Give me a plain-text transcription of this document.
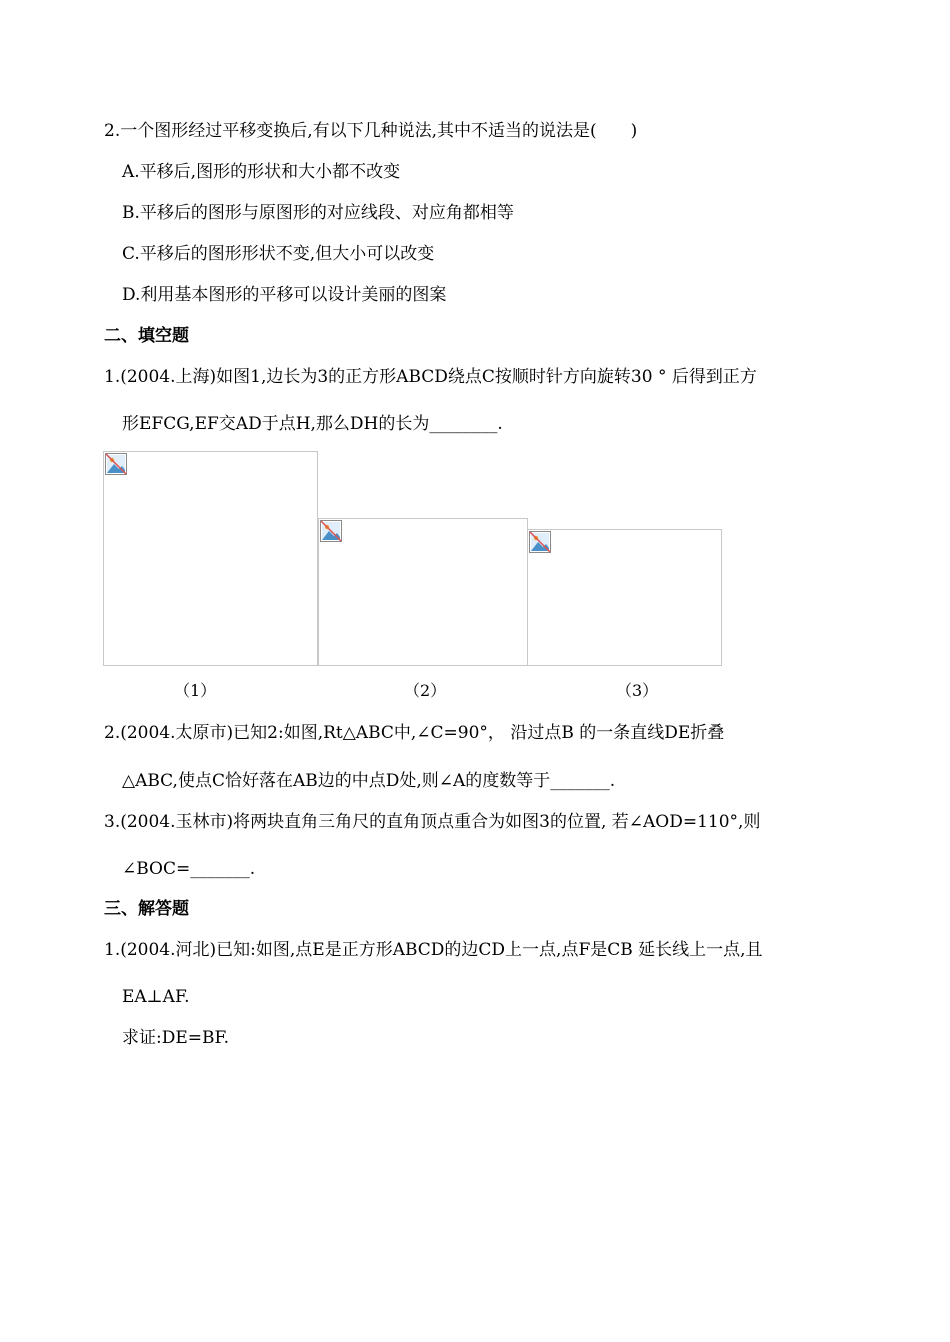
2.一个图形经过平移变换后,有以下几种说法,其中不适当的说法是(　　)
A.平移后,图形的形状和大小都不改变
B.平移后的图形与原图形的对应线段、对应角都相等
C.平移后的图形形状不变,但大小可以改变
D.利用基本图形的平移可以设计美丽的图案
二、填空题
1.(2004.上海)如图1,边长为3的正方形ABCD绕点C按顺时针方向旋转30 ° 后得到正方
形EFCG,EF交AD于点H,那么DH的长为________.
（1）	（2）	（3）
2.(2004.太原市)已知2:如图,Rt△ABC中,∠C=90°， 沿过点B 的一条直线DE折叠
△ABC,使点C恰好落在AB边的中点D处,则∠A的度数等于_______.
3.(2004.玉林市)将两块直角三角尺的直角顶点重合为如图3的位置, 若∠AOD=110°,则
∠BOC=_______.
三、解答题
1.(2004.河北)已知:如图,点E是正方形ABCD的边CD上一点,点F是CB 延长线上一点,且
EA⊥AF.
求证:DE=BF.
